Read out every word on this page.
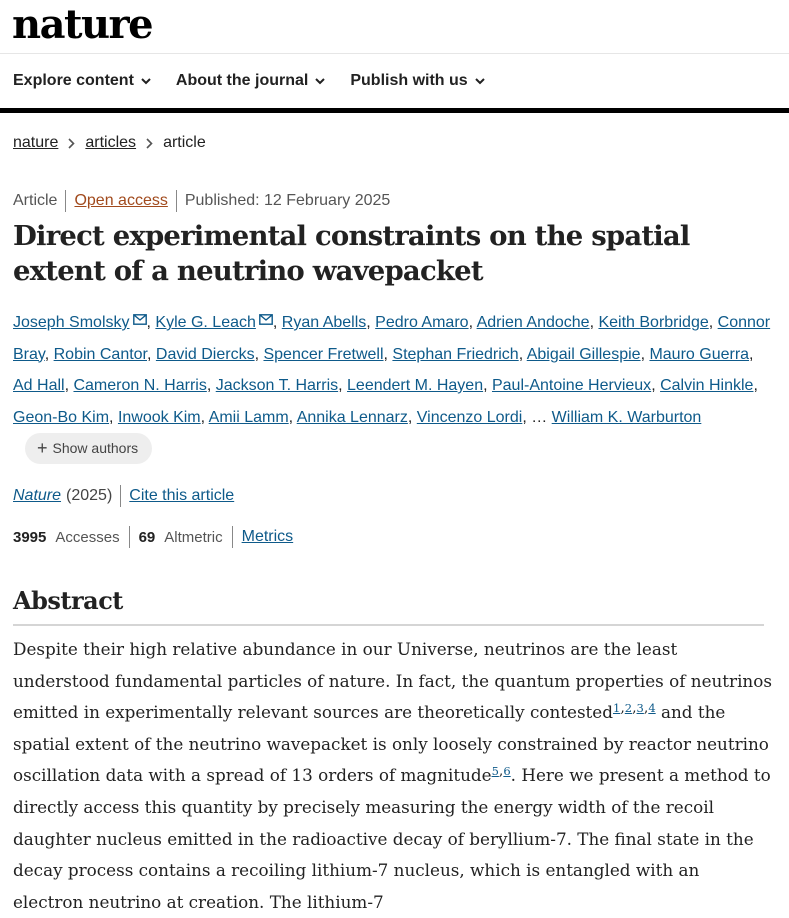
nature
Explore content	About the journal	Publish with us
nature articles article
Article Open access Published: 12 February 2025
Direct experimental constraints on the spatial extent of a neutrino wavepacket
Joseph Smolsky , Kyle G. Leach , Ryan Abells, Pedro Amaro, Adrien Andoche, Keith Borbridge, Connor Bray, Robin Cantor, David Diercks, Spencer Fretwell, Stephan Friedrich, Abigail Gillespie, Mauro Guerra, Ad Hall, Cameron N. Harris, Jackson T. Harris, Leendert M. Hayen, Paul-Antoine Hervieux, Calvin Hinkle, Geon-Bo Kim, Inwook Kim, Amii Lamm, Annika Lennarz, Vincenzo Lordi, … William K. Warburton
+ Show authors
Nature (2025) Cite this article
3995 Accesses 69 Altmetric Metrics
Abstract

Despite their high relative abundance in our Universe, neutrinos are the least understood fundamental particles of nature. In fact, the quantum properties of neutrinos emitted in experimentally relevant sources are theoretically contested$^{1,2,3,4}$ and the spatial extent of the neutrino wavepacket is only loosely constrained by reactor neutrino oscillation data with a spread of 13 orders of magnitude$^{5,6}$. Here we present a method to directly access this quantity by precisely measuring the energy width of the recoil daughter nucleus emitted in the radioactive decay of beryllium-7. The final state in the decay process contains a recoiling lithium-7 nucleus, which is entangled with an electron neutrino at creation. The lithium-7
